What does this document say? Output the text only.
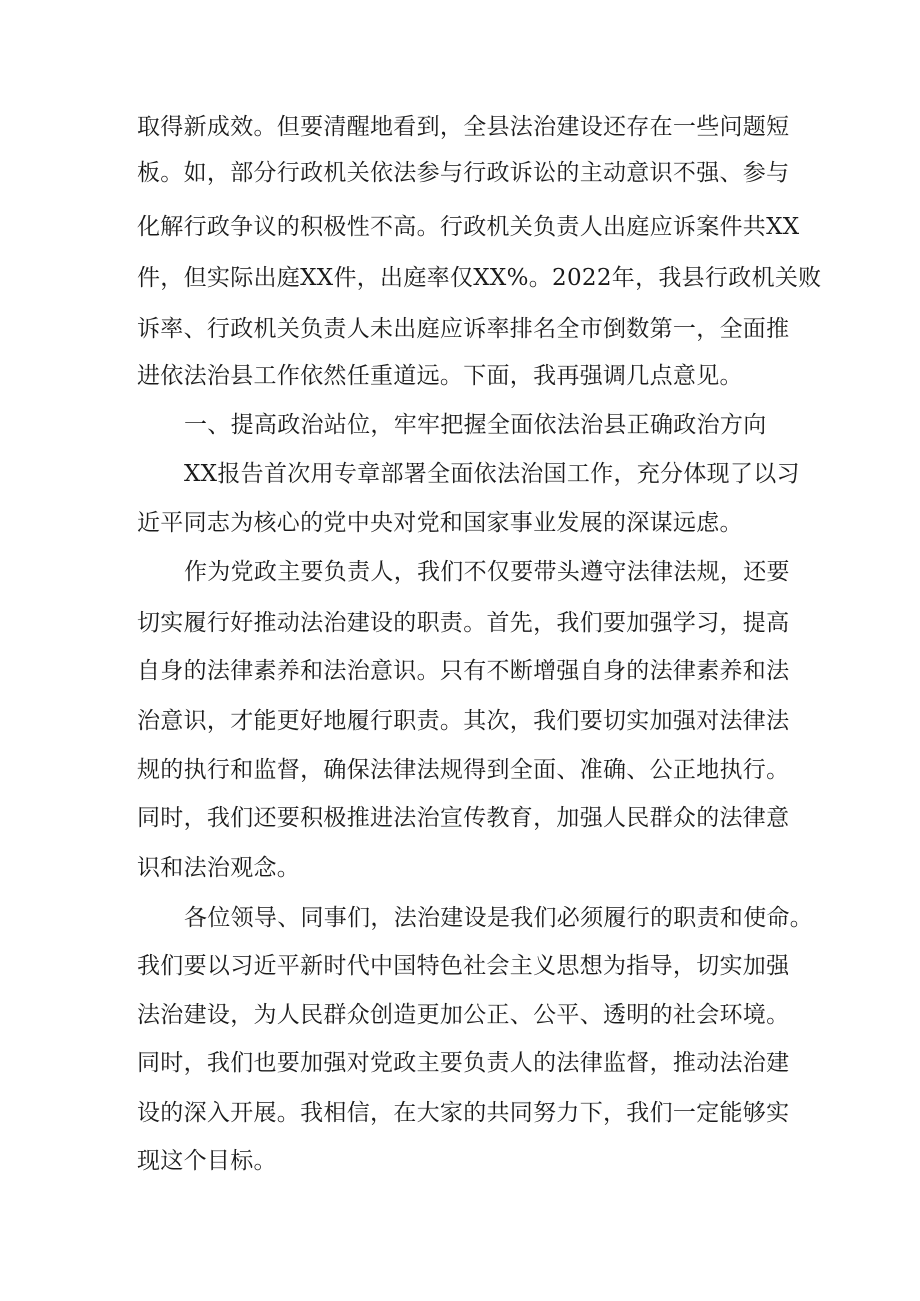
取得新成效。但要清醒地看到，全县法治建设还存在一些问题短
板。如，部分行政机关依法参与行政诉讼的主动意识不强、参与
化解行政争议的积极性不高。行政机关负责人出庭应诉案件共XX
件，但实际出庭XX件，出庭率仅XX%。2022年，我县行政机关败
诉率、行政机关负责人未出庭应诉率排名全市倒数第一，全面推
进依法治县工作依然任重道远。下面，我再强调几点意见。
一、提高政治站位，牢牢把握全面依法治县正确政治方向
XX报告首次用专章部署全面依法治国工作，充分体现了以习
近平同志为核心的党中央对党和国家事业发展的深谋远虑。
作为党政主要负责人，我们不仅要带头遵守法律法规，还要
切实履行好推动法治建设的职责。首先，我们要加强学习，提高
自身的法律素养和法治意识。只有不断增强自身的法律素养和法
治意识，才能更好地履行职责。其次，我们要切实加强对法律法
规的执行和监督，确保法律法规得到全面、准确、公正地执行。
同时，我们还要积极推进法治宣传教育，加强人民群众的法律意
识和法治观念。
各位领导、同事们，法治建设是我们必须履行的职责和使命。
我们要以习近平新时代中国特色社会主义思想为指导，切实加强
法治建设，为人民群众创造更加公正、公平、透明的社会环境。
同时，我们也要加强对党政主要负责人的法律监督，推动法治建
设的深入开展。我相信，在大家的共同努力下，我们一定能够实
现这个目标。
